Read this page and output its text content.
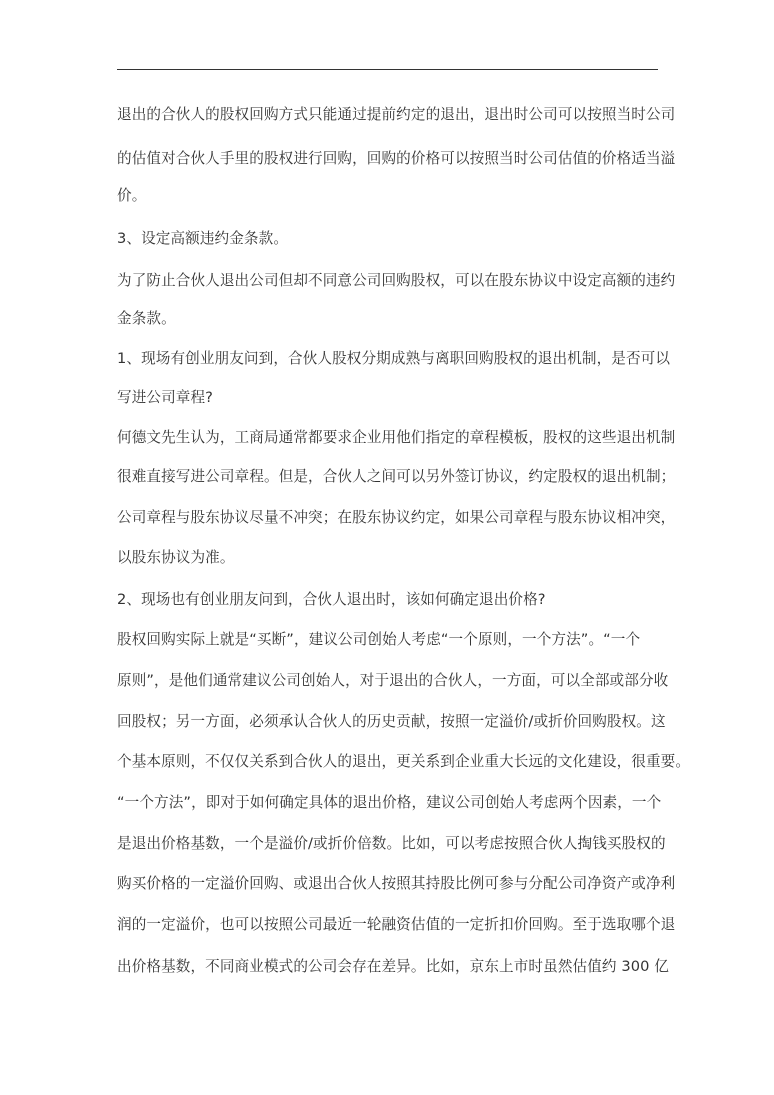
退出的合伙人的股权回购方式只能通过提前约定的退出，退出时公司可以按照当时公司
的估值对合伙人手里的股权进行回购，回购的价格可以按照当时公司估值的价格适当溢
价。
3、设定高额违约金条款。
为了防止合伙人退出公司但却不同意公司回购股权，可以在股东协议中设定高额的违约
金条款。
1、现场有创业朋友问到，合伙人股权分期成熟与离职回购股权的退出机制，是否可以
写进公司章程?
何德文先生认为，工商局通常都要求企业用他们指定的章程模板，股权的这些退出机制
很难直接写进公司章程。但是，合伙人之间可以另外签订协议，约定股权的退出机制；
公司章程与股东协议尽量不冲突；在股东协议约定，如果公司章程与股东协议相冲突，
以股东协议为准。
2、现场也有创业朋友问到，合伙人退出时，该如何确定退出价格?
股权回购实际上就是“买断”，建议公司创始人考虑“一个原则，一个方法”。“一个
原则”，是他们通常建议公司创始人，对于退出的合伙人，一方面，可以全部或部分收
回股权；另一方面，必须承认合伙人的历史贡献，按照一定溢价/或折价回购股权。这
个基本原则，不仅仅关系到合伙人的退出，更关系到企业重大长远的文化建设，很重要。
“一个方法”，即对于如何确定具体的退出价格，建议公司创始人考虑两个因素，一个
是退出价格基数，一个是溢价/或折价倍数。比如，可以考虑按照合伙人掏钱买股权的
购买价格的一定溢价回购、或退出合伙人按照其持股比例可参与分配公司净资产或净利
润的一定溢价，也可以按照公司最近一轮融资估值的一定折扣价回购。至于选取哪个退
出价格基数，不同商业模式的公司会存在差异。比如，京东上市时虽然估值约 300 亿
